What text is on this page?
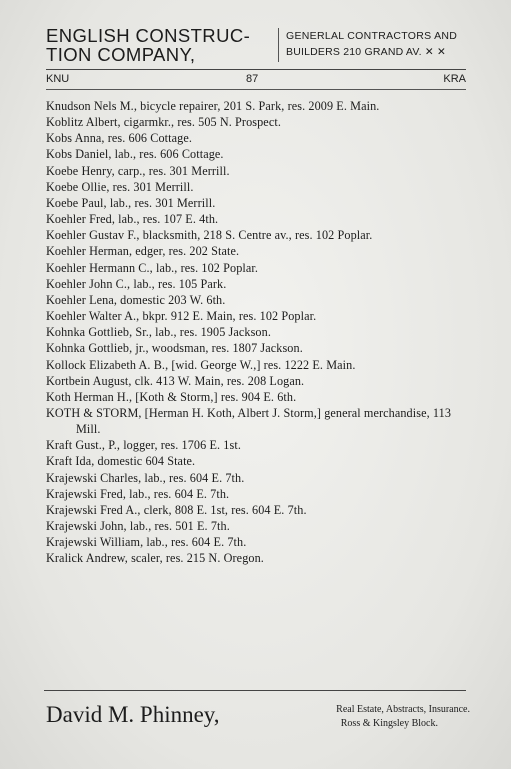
ENGLISH CONSTRUC-
TION COMPANY,
GENERLAL CONTRACTORS AND
BUILDERS 210 GRAND AV. ✕ ✕
KNU	87	KRA
Knudson Nels M., bicycle repairer, 201 S. Park, res. 2009 E. Main.
Koblitz Albert, cigarmkr., res. 505 N. Prospect.
Kobs Anna, res. 606 Cottage.
Kobs Daniel, lab., res. 606 Cottage.
Koebe Henry, carp., res. 301 Merrill.
Koebe Ollie, res. 301 Merrill.
Koebe Paul, lab., res. 301 Merrill.
Koehler Fred, lab., res. 107 E. 4th.
Koehler Gustav F., blacksmith, 218 S. Centre av., res. 102 Poplar.
Koehler Herman, edger, res. 202 State.
Koehler Hermann C., lab., res. 102 Poplar.
Koehler John C., lab., res. 105 Park.
Koehler Lena, domestic 203 W. 6th.
Koehler Walter A., bkpr. 912 E. Main, res. 102 Poplar.
Kohnka Gottlieb, Sr., lab., res. 1905 Jackson.
Kohnka Gottlieb, jr., woodsman, res. 1807 Jackson.
Kollock Elizabeth A. B., [wid. George W.,] res. 1222 E. Main.
Kortbein August, clk. 413 W. Main, res. 208 Logan.
Koth Herman H., [Koth & Storm,] res. 904 E. 6th.
KOTH & STORM, [Herman H. Koth, Albert J. Storm,] general merchandise, 113 Mill.
Kraft Gust., P., logger, res. 1706 E. 1st.
Kraft Ida, domestic 604 State.
Krajewski Charles, lab., res. 604 E. 7th.
Krajewski Fred, lab., res. 604 E. 7th.
Krajewski Fred A., clerk, 808 E. 1st, res. 604 E. 7th.
Krajewski John, lab., res. 501 E. 7th.
Krajewski William, lab., res. 604 E. 7th.
Kralick Andrew, scaler, res. 215 N. Oregon.
David M. Phinney,	Real Estate, Abstracts, Insurance.
Ross & Kingsley Block.
